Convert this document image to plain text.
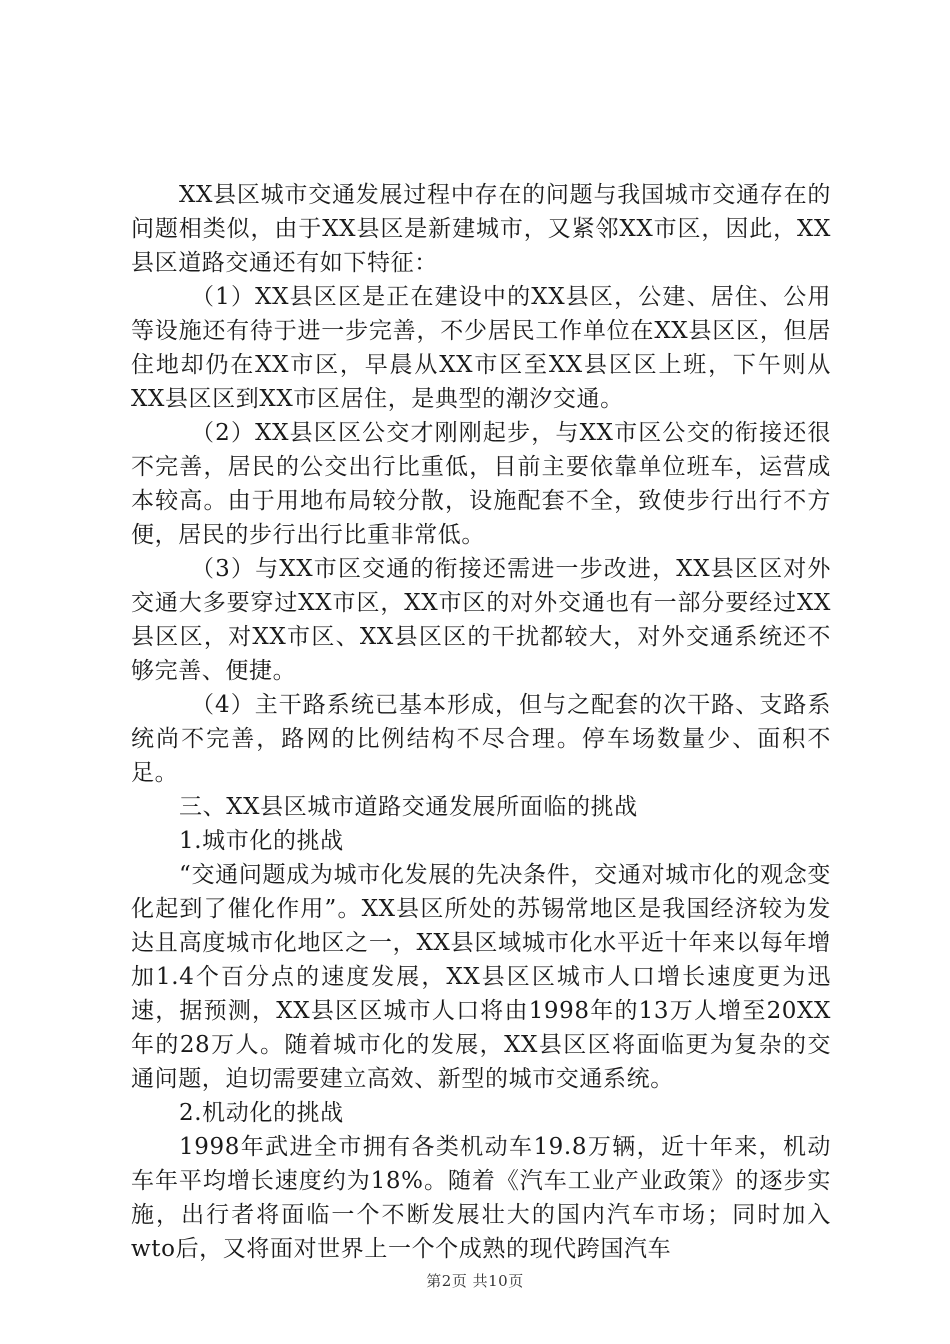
XX县区城市交通发展过程中存在的问题与我国城市交通存在的问题相类似，由于XX县区是新建城市，又紧邻XX市区，因此，XX县区道路交通还有如下特征：

（1）XX县区区是正在建设中的XX县区，公建、居住、公用等设施还有待于进一步完善，不少居民工作单位在XX县区区，但居住地却仍在XX市区，早晨从XX市区至XX县区区上班，下午则从XX县区区到XX市区居住，是典型的潮汐交通。

（2）XX县区区公交才刚刚起步，与XX市区公交的衔接还很不完善，居民的公交出行比重低，目前主要依靠单位班车，运营成本较高。由于用地布局较分散，设施配套不全，致使步行出行不方便，居民的步行出行比重非常低。

（3）与XX市区交通的衔接还需进一步改进，XX县区区对外交通大多要穿过XX市区，XX市区的对外交通也有一部分要经过XX县区区，对XX市区、XX县区区的干扰都较大，对外交通系统还不够完善、便捷。

（4）主干路系统已基本形成，但与之配套的次干路、支路系统尚不完善，路网的比例结构不尽合理。停车场数量少、面积不足。

三、XX县区城市道路交通发展所面临的挑战

1.城市化的挑战

“交通问题成为城市化发展的先决条件，交通对城市化的观念变化起到了催化作用”。XX县区所处的苏锡常地区是我国经济较为发达且高度城市化地区之一，XX县区域城市化水平近十年来以每年增加1.4个百分点的速度发展，XX县区区城市人口增长速度更为迅速，据预测，XX县区区城市人口将由1998年的13万人增至20XX年的28万人。随着城市化的发展，XX县区区将面临更为复杂的交通问题，迫切需要建立高效、新型的城市交通系统。

2.机动化的挑战

1998年武进全市拥有各类机动车19.8万辆，近十年来，机动车年平均增长速度约为18%。随着《汽车工业产业政策》的逐步实施，出行者将面临一个不断发展壮大的国内汽车市场；同时加入wto后，又将面对世界上一个个成熟的现代跨国汽车

第2页 共10页
